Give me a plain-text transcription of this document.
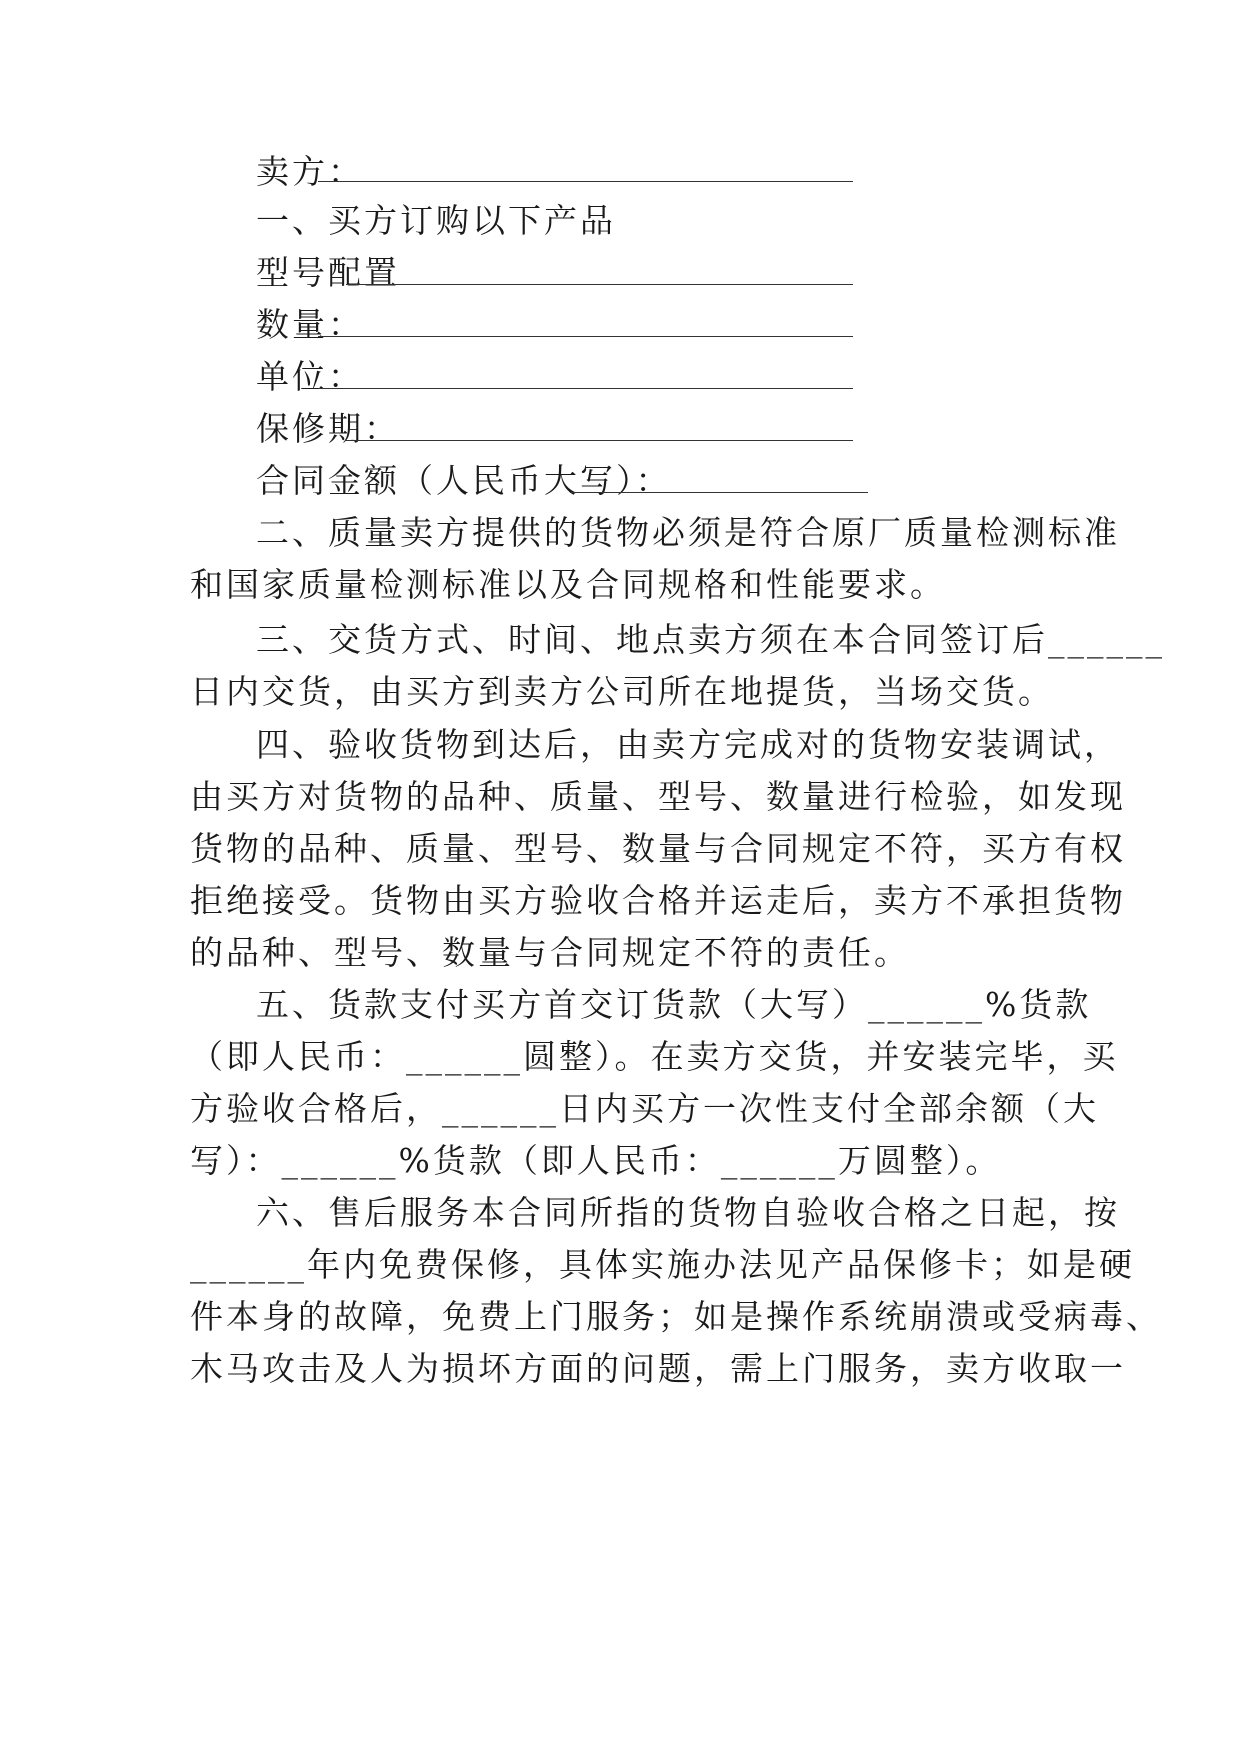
卖方：
一、买方订购以下产品
型号配置
数量：
单位：
保修期：
合同金额（人民币大写）：
二、质量卖方提供的货物必须是符合原厂质量检测标准
和国家质量检测标准以及合同规格和性能要求。
三、交货方式、时间、地点卖方须在本合同签订后______
日内交货，由买方到卖方公司所在地提货，当场交货。
四、验收货物到达后，由卖方完成对的货物安装调试，
由买方对货物的品种、质量、型号、数量进行检验，如发现
货物的品种、质量、型号、数量与合同规定不符，买方有权
拒绝接受。货物由买方验收合格并运走后，卖方不承担货物
的品种、型号、数量与合同规定不符的责任。
五、货款支付买方首交订货款（大写）______%货款
（即人民币：______圆整）。在卖方交货，并安装完毕，买
方验收合格后，______日内买方一次性支付全部余额（大
写）：______%货款（即人民币：______万圆整）。
六、售后服务本合同所指的货物自验收合格之日起，按
______年内免费保修，具体实施办法见产品保修卡；如是硬
件本身的故障，免费上门服务；如是操作系统崩溃或受病毒、
木马攻击及人为损坏方面的问题，需上门服务，卖方收取一
